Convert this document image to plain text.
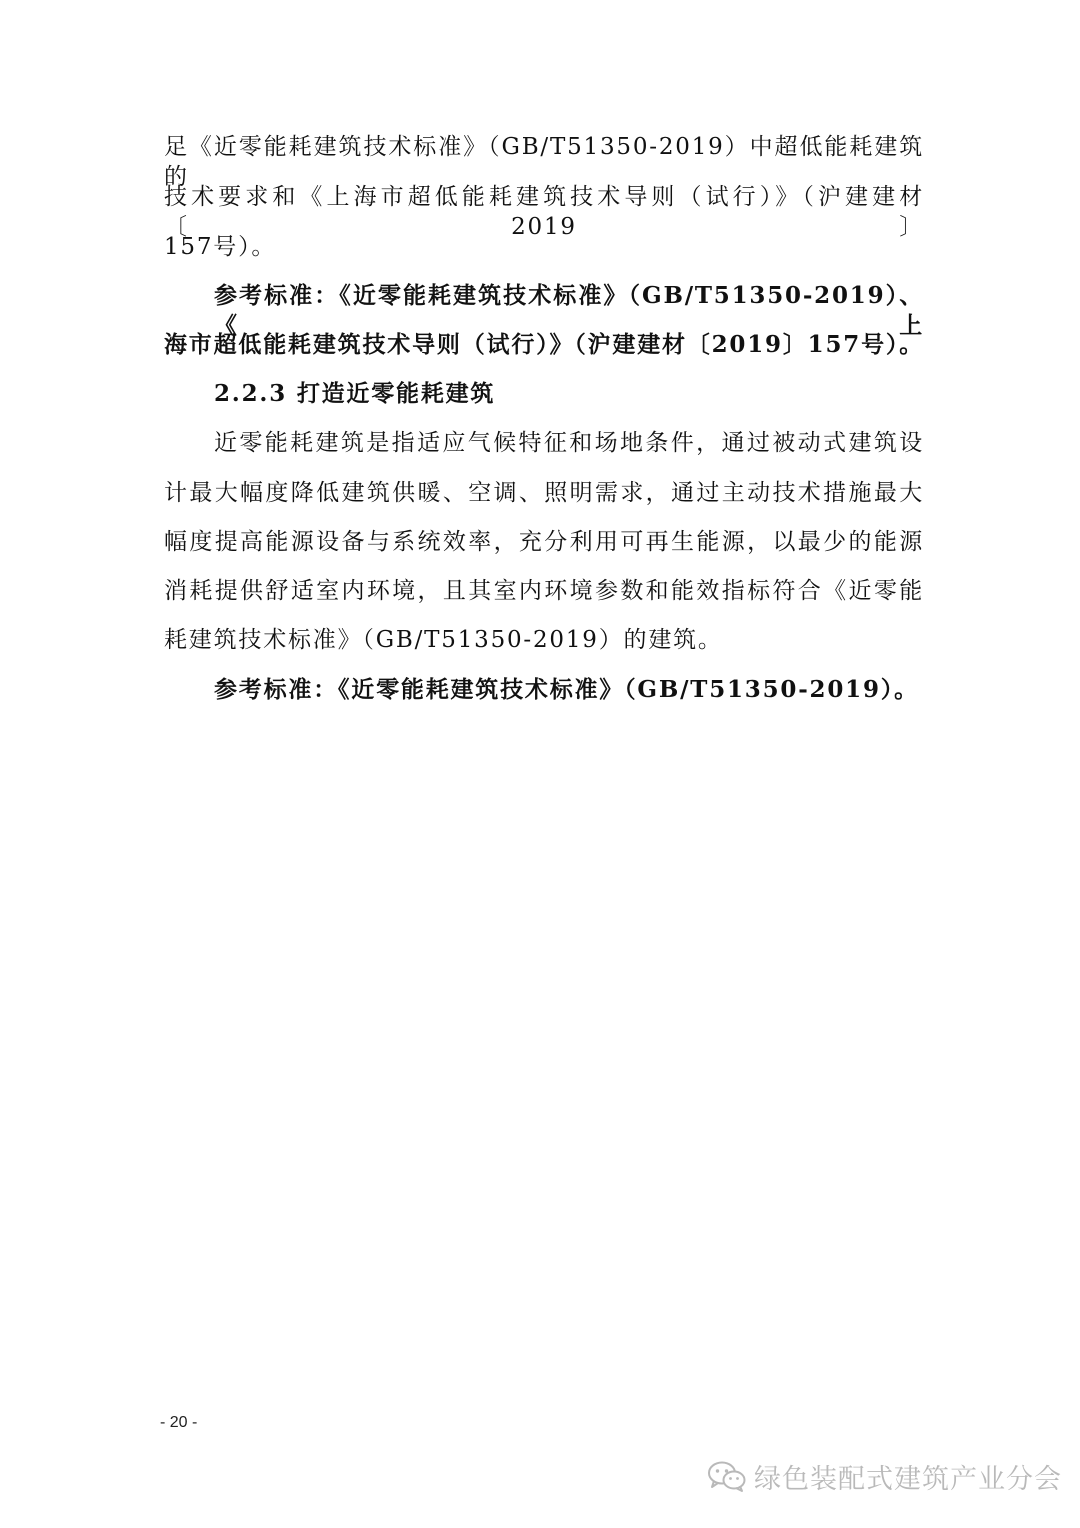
足《近零能耗建筑技术标准》（GB/T51350-2019）中超低能耗建筑的
技术要求和《上海市超低能耗建筑技术导则（试行）》（沪建建材〔2019〕
157号）。
参考标准：《近零能耗建筑技术标准》（GB/T51350-2019）、《上
海市超低能耗建筑技术导则（试行）》（沪建建材〔2019〕157号）。
2.2.3 打造近零能耗建筑
近零能耗建筑是指适应气候特征和场地条件，通过被动式建筑设
计最大幅度降低建筑供暖、空调、照明需求，通过主动技术措施最大
幅度提高能源设备与系统效率，充分利用可再生能源，以最少的能源
消耗提供舒适室内环境，且其室内环境参数和能效指标符合《近零能
耗建筑技术标准》（GB/T51350-2019）的建筑。
参考标准：《近零能耗建筑技术标准》（GB/T51350-2019）。
- 20 -
绿色装配式建筑产业分会
